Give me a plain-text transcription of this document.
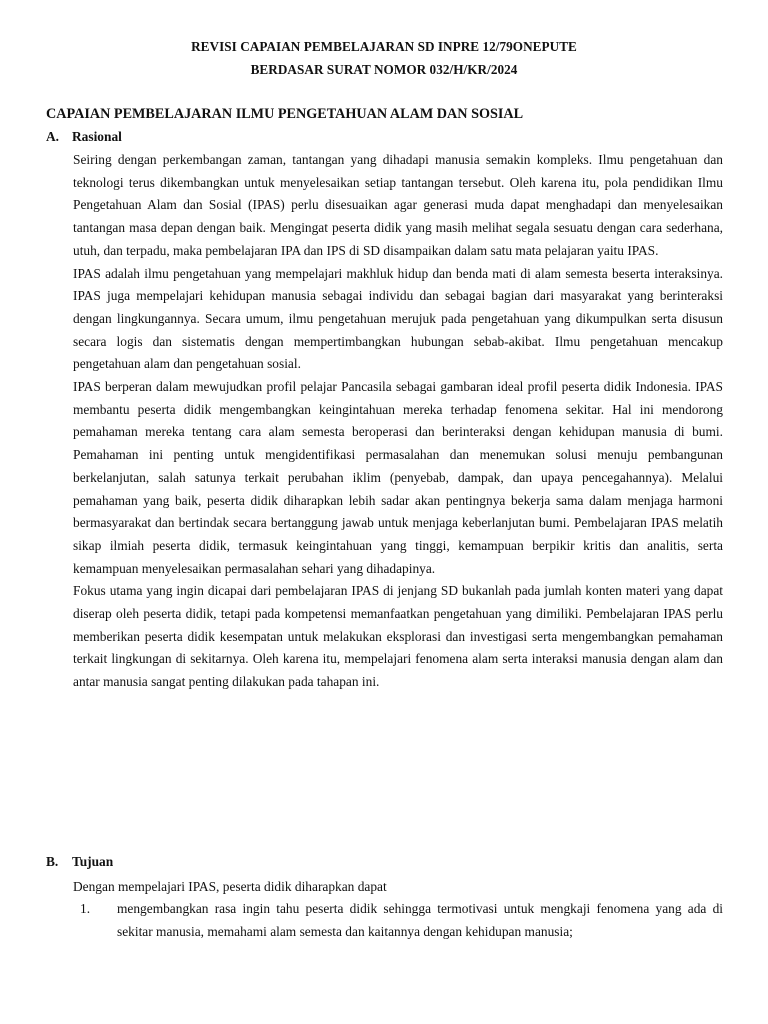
REVISI CAPAIAN PEMBELAJARAN SD INPRE 12/79ONEPUTE
BERDASAR SURAT NOMOR 032/H/KR/2024
CAPAIAN PEMBELAJARAN ILMU PENGETAHUAN ALAM DAN SOSIAL
A. Rasional

Seiring dengan perkembangan zaman, tantangan yang dihadapi manusia semakin kompleks. Ilmu pengetahuan dan teknologi terus dikembangkan untuk menyelesaikan setiap tantangan tersebut. Oleh karena itu, pola pendidikan Ilmu Pengetahuan Alam dan Sosial (IPAS) perlu disesuaikan agar generasi muda dapat menghadapi dan menyelesaikan tantangan masa depan dengan baik. Mengingat peserta didik yang masih melihat segala sesuatu dengan cara sederhana, utuh, dan terpadu, maka pembelajaran IPA dan IPS di SD disampaikan dalam satu mata pelajaran yaitu IPAS.

IPAS adalah ilmu pengetahuan yang mempelajari makhluk hidup dan benda mati di alam semesta beserta interaksinya. IPAS juga mempelajari kehidupan manusia sebagai individu dan sebagai bagian dari masyarakat yang berinteraksi dengan lingkungannya. Secara umum, ilmu pengetahuan merujuk pada pengetahuan yang dikumpulkan serta disusun secara logis dan sistematis dengan mempertimbangkan hubungan sebab-akibat. Ilmu pengetahuan mencakup pengetahuan alam dan pengetahuan sosial.

IPAS berperan dalam mewujudkan profil pelajar Pancasila sebagai gambaran ideal profil peserta didik Indonesia. IPAS membantu peserta didik mengembangkan keingintahuan mereka terhadap fenomena sekitar. Hal ini mendorong pemahaman mereka tentang cara alam semesta beroperasi dan berinteraksi dengan kehidupan manusia di bumi. Pemahaman ini penting untuk mengidentifikasi permasalahan dan menemukan solusi menuju pembangunan berkelanjutan, salah satunya terkait perubahan iklim (penyebab, dampak, dan upaya pencegahannya). Melalui pemahaman yang baik, peserta didik diharapkan lebih sadar akan pentingnya bekerja sama dalam menjaga harmoni bermasyarakat dan bertindak secara bertanggung jawab untuk menjaga keberlanjutan bumi. Pembelajaran IPAS melatih sikap ilmiah peserta didik, termasuk keingintahuan yang tinggi, kemampuan berpikir kritis dan analitis, serta kemampuan menyelesaikan permasalahan sehari yang dihadapinya.

Fokus utama yang ingin dicapai dari pembelajaran IPAS di jenjang SD bukanlah pada jumlah konten materi yang dapat diserap oleh peserta didik, tetapi pada kompetensi memanfaatkan pengetahuan yang dimiliki. Pembelajaran IPAS perlu memberikan peserta didik kesempatan untuk melakukan eksplorasi dan investigasi serta mengembangkan pemahaman terkait lingkungan di sekitarnya. Oleh karena itu, mempelajari fenomena alam serta interaksi manusia dengan alam dan antar manusia sangat penting dilakukan pada tahapan ini.

B. Tujuan
Dengan mempelajari IPAS, peserta didik diharapkan dapat
1. mengembangkan rasa ingin tahu peserta didik sehingga termotivasi untuk mengkaji fenomena yang ada di sekitar manusia, memahami alam semesta dan kaitannya dengan kehidupan manusia;
